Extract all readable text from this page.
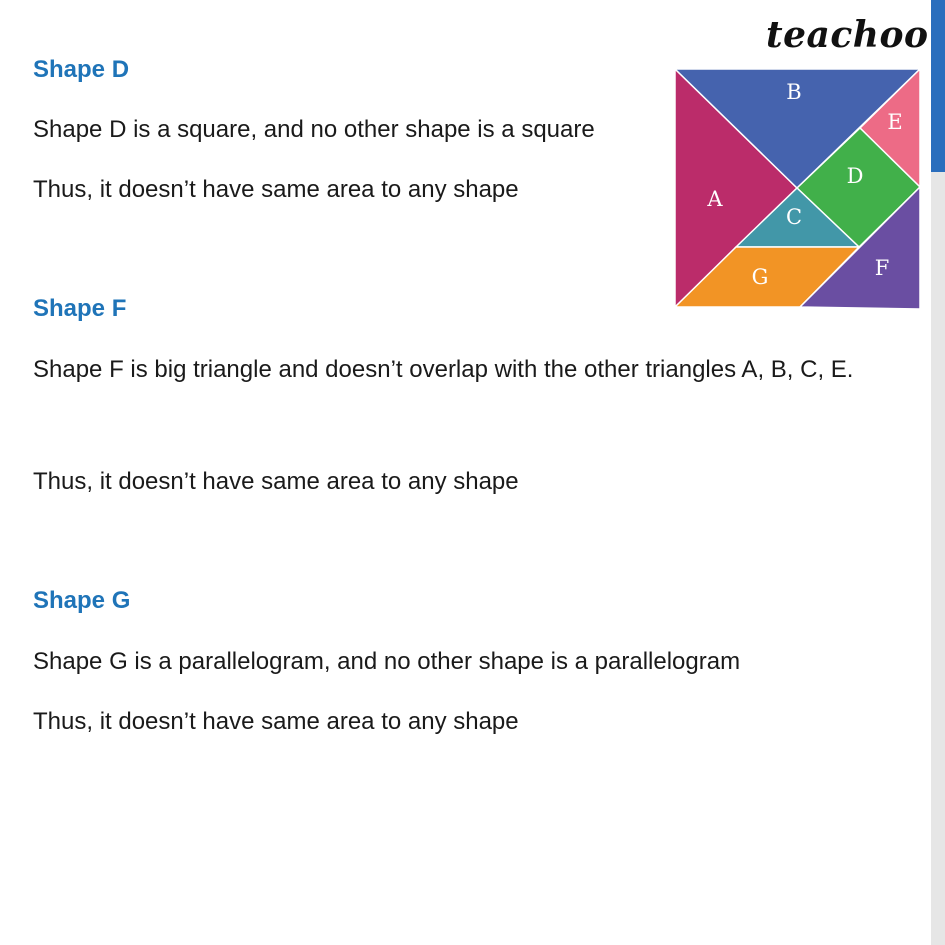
teachoo
Shape D
Shape D is a square, and no other shape is a square
Thus, it doesn’t have same area to any shape
Shape F
Shape F is big triangle and doesn’t overlap with the other triangles A, B, C, E.
Thus, it doesn’t have same area to any shape
Shape G
Shape G is a parallelogram, and no other shape is a parallelogram
Thus, it doesn’t have same area to any shape
A
B
C
D
E
F
G
